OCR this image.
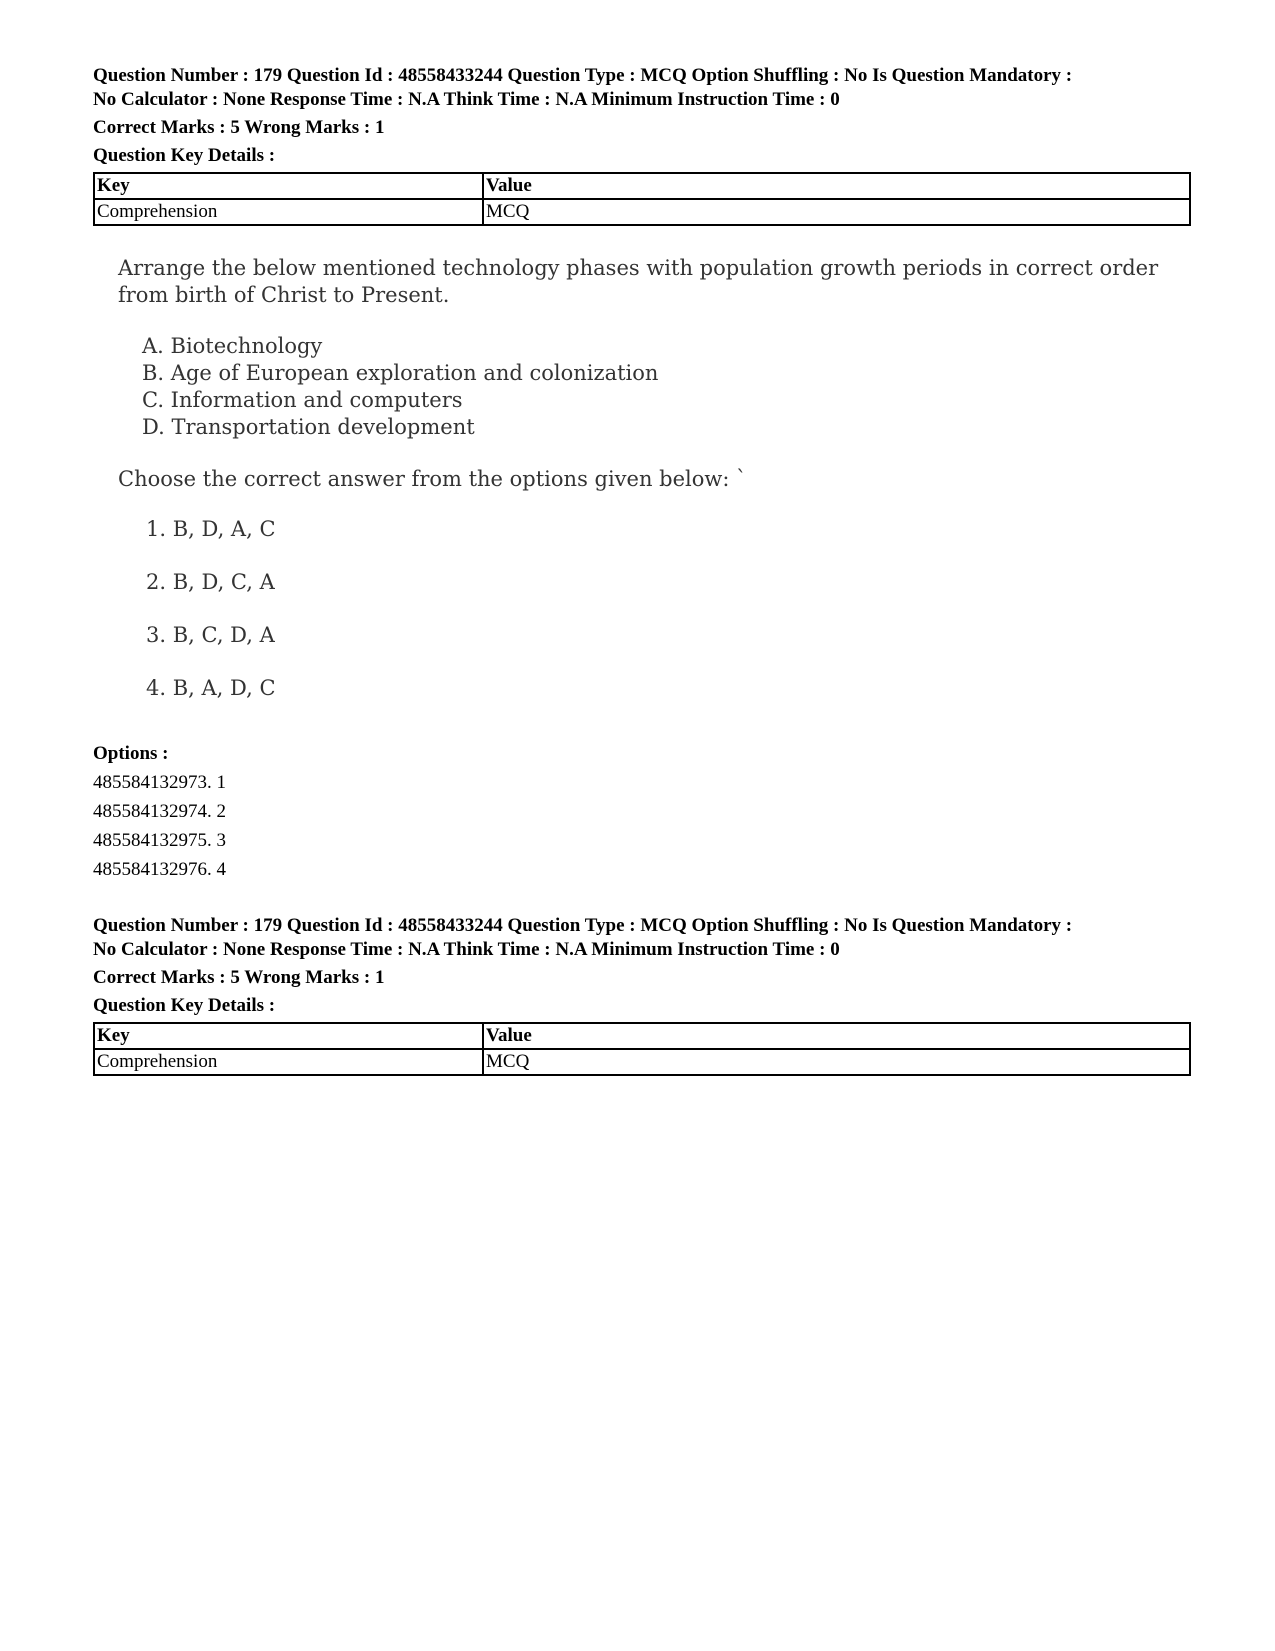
Question Number : 179 Question Id : 48558433244 Question Type : MCQ Option Shuffling : No Is Question Mandatory :

No Calculator : None Response Time : N.A Think Time : N.A Minimum Instruction Time : 0

Correct Marks : 5 Wrong Marks : 1
Question Key Details :
Key	Value
Comprehension	MCQ

Arrange the below mentioned technology phases with population growth periods in correct order from birth of Christ to Present.

A. Biotechnology
B. Age of European exploration and colonization
C. Information and computers
D. Transportation development
Choose the correct answer from the options given below: `
1. B, D, A, C
2. B, D, C, A
3. B, C, D, A
4. B, A, D, C
Options :
485584132973. 1
485584132974. 2
485584132975. 3
485584132976. 4

Question Number : 179 Question Id : 48558433244 Question Type : MCQ Option Shuffling : No Is Question Mandatory :

No Calculator : None Response Time : N.A Think Time : N.A Minimum Instruction Time : 0

Correct Marks : 5 Wrong Marks : 1
Question Key Details :
Key	Value
Comprehension	MCQ
